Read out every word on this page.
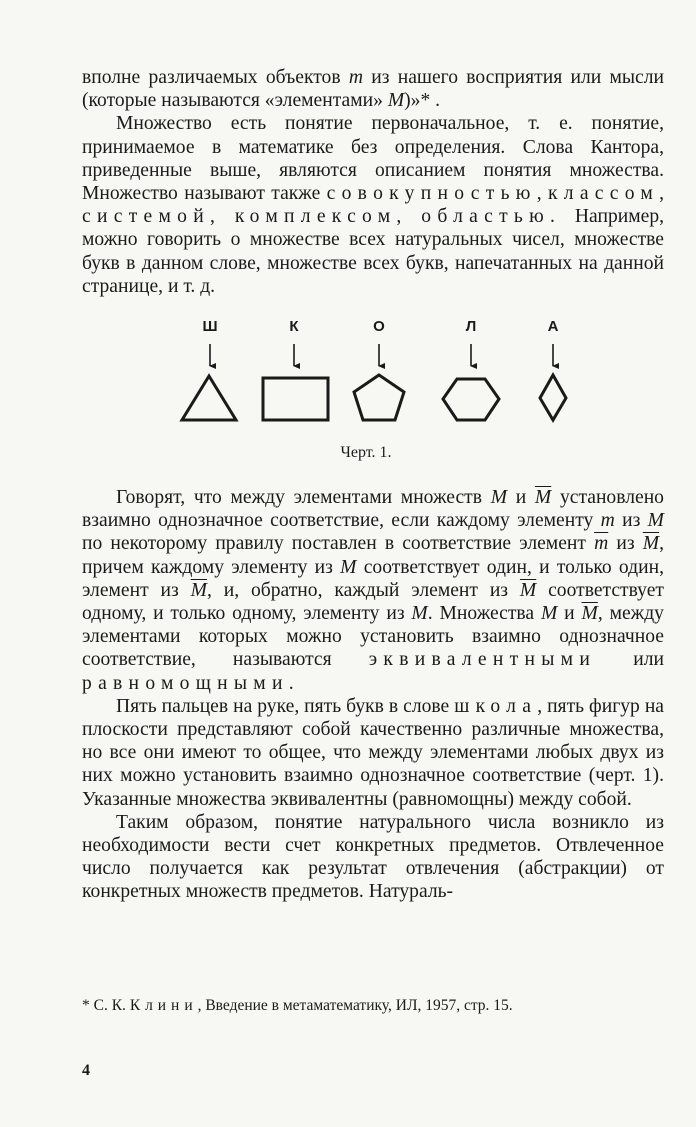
вполне различаемых объектов m из нашего восприятия или мысли (которые называются «элементами» M)»* .

Множество есть понятие первоначальное, т. е. понятие, принимаемое в математике без определения. Слова Кантора, приведенные выше, являются описанием понятия множества. Множество называют также совокупностью, классом, системой, комплексом, областью. Например, можно говорить о множестве всех натуральных чисел, множестве букв в данном слове, множестве всех букв, напечатанных на данной странице, и т. д.

Ш	К	О	Л	А
Черт. 1.

Говорят, что между элементами множеств M и $\overline{M}$ установлено взаимно однозначное соответствие, если каждому элементу m из M по некоторому правилу поставлен в соответствие элемент $\overline{m}$ из $\overline{M}$, причем каждому элементу из M соответствует один, и только один, элемент из $\overline{M}$, и, обратно, каждый элемент из $\overline{M}$ соответствует одному, и только одному, элементу из M. Множества M и $\overline{M}$, между элементами которых можно установить взаимно однозначное соответствие, называются эквивалентными или равномощными.

Пять пальцев на руке, пять букв в слове школа, пять фигур на плоскости представляют собой качественно различные множества, но все они имеют то общее, что между элементами любых двух из них можно установить взаимно однозначное соответствие (черт. 1). Указанные множества эквивалентны (равномощны) между собой.

Таким образом, понятие натурального числа возникло из необходимости вести счет конкретных предметов. Отвлеченное число получается как результат отвлечения (абстракции) от конкретных множеств предметов. Натураль-

* С. К. Клини, Введение в метаматематику, ИЛ, 1957, стр. 15.
4
